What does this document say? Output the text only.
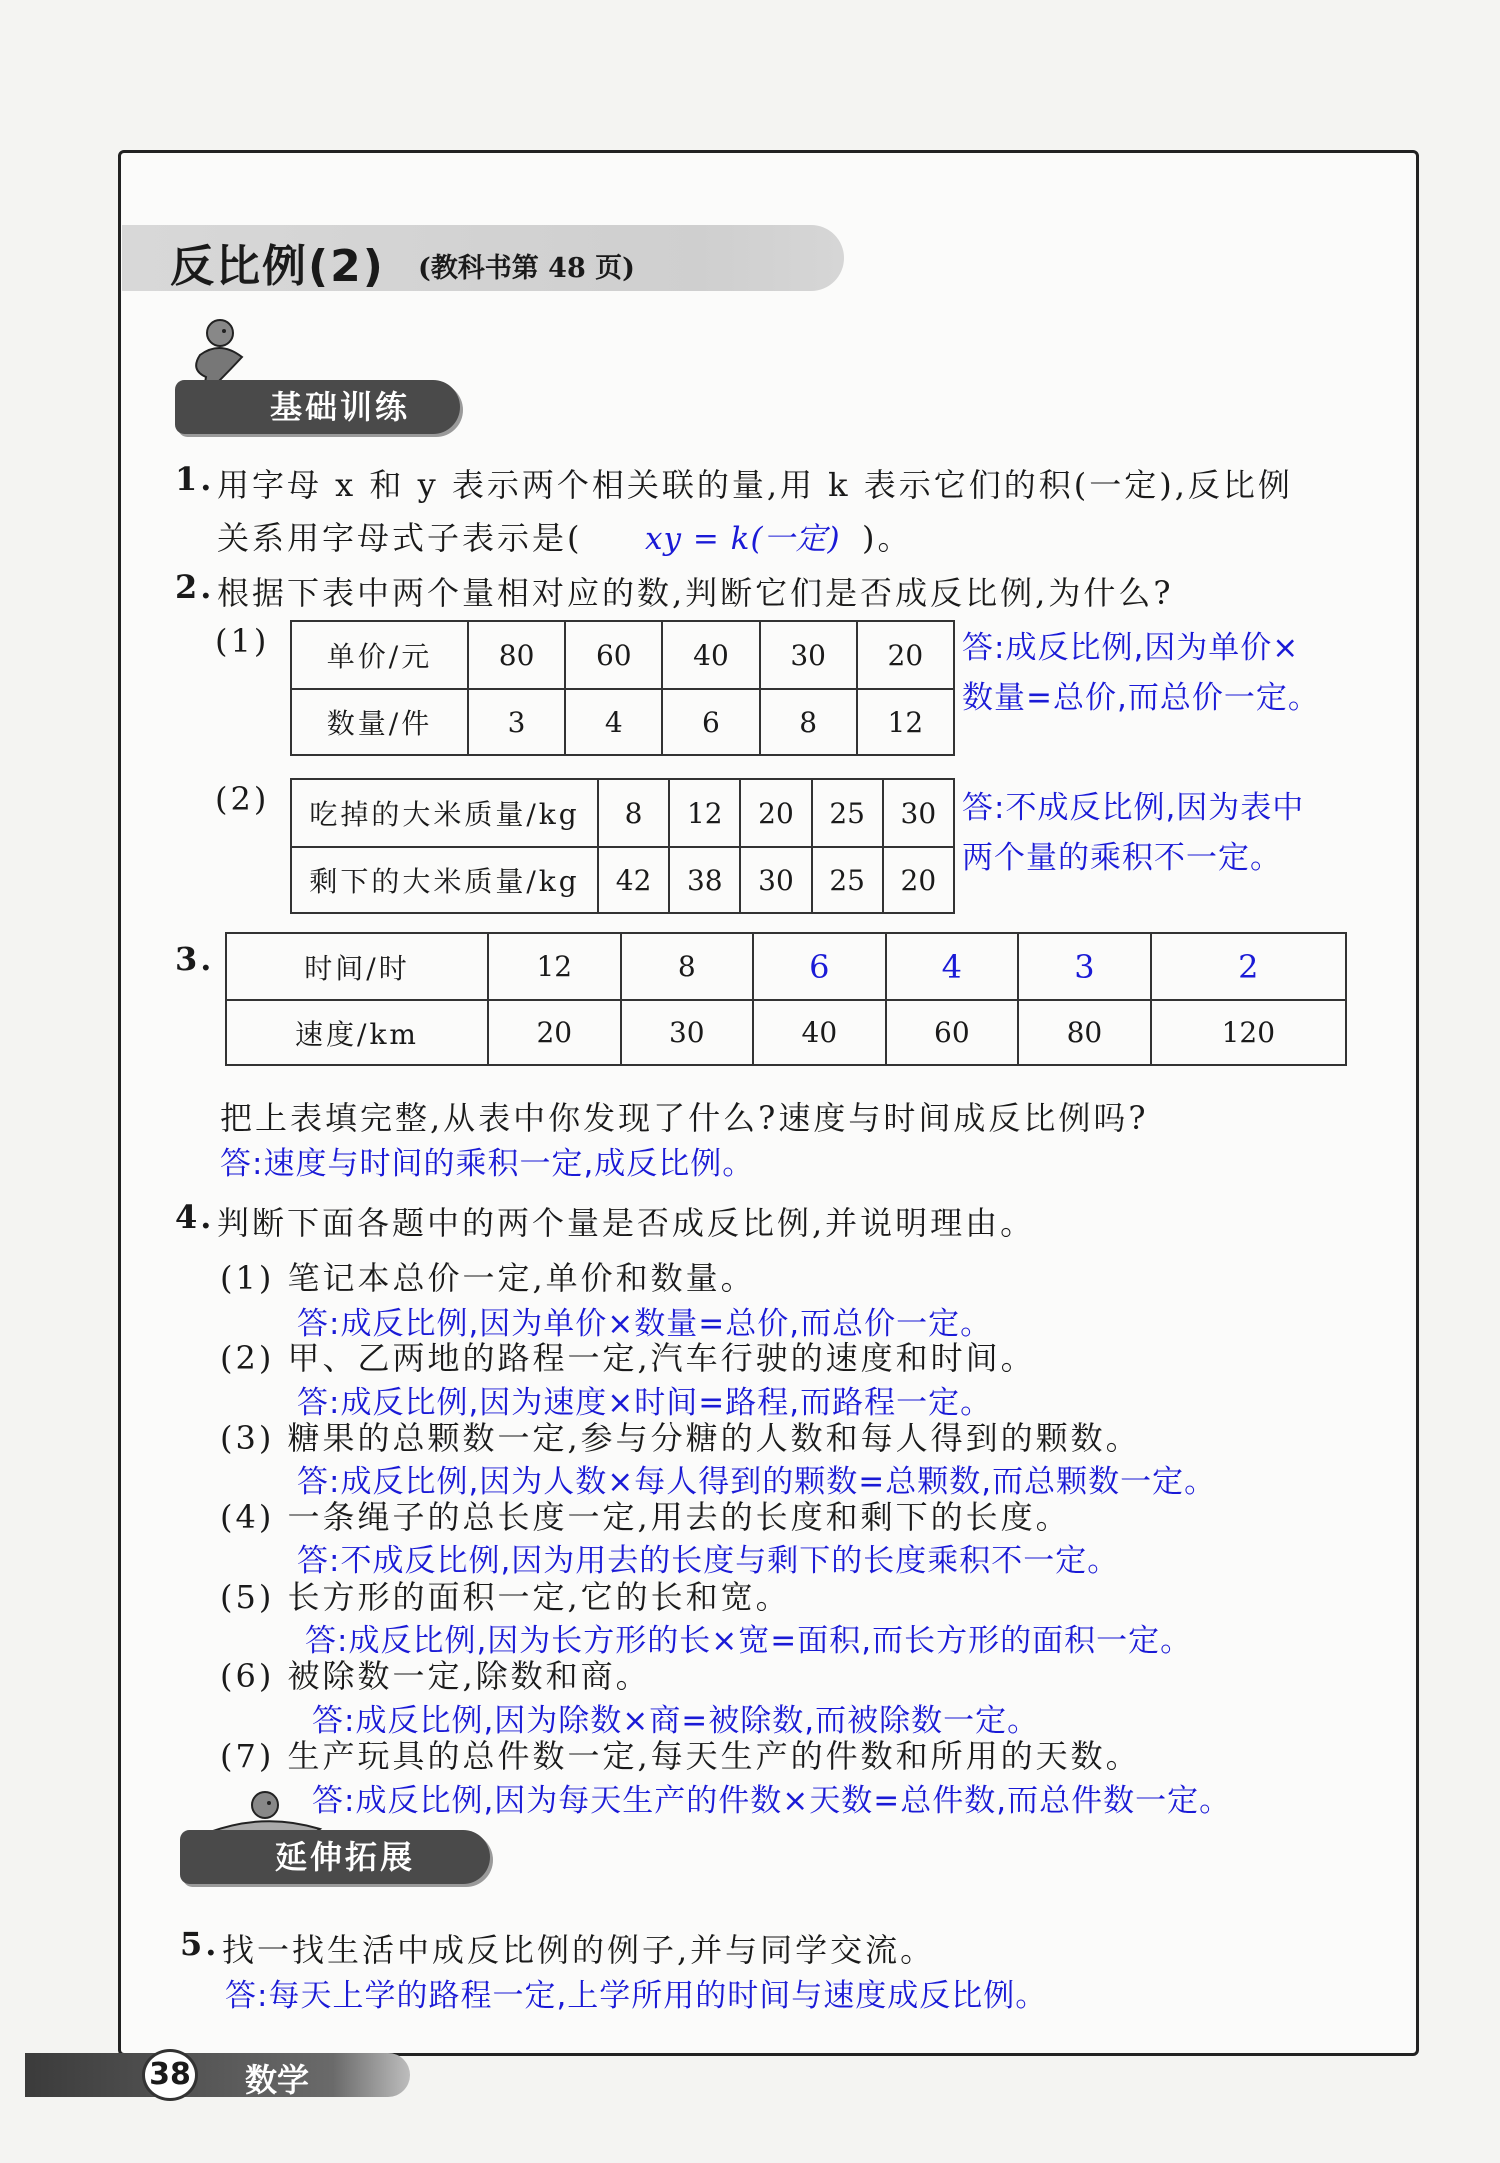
反比例(2) (教科书第 48 页)
基础训练
1. 用字母 x 和 y 表示两个相关联的量,用 k 表示它们的积(一定),反比例
关系用字母式子表示是( xy = k(一定) )。
2. 根据下表中两个量相对应的数,判断它们是否成反比例,为什么?
(1) 单价/元	80	60	40	30	20
数量/件	3	4	6	8	12
答:成反比例,因为单价×
数量=总价,而总价一定。
(2) 吃掉的大米质量/kg	8	12	20	25	30
剩下的大米质量/kg	42	38	30	25	20
答:不成反比例,因为表中
两个量的乘积不一定。
3.	时间/时	12	8	6	4	3	2
速度/km	20	30	40	60	80	120
把上表填完整,从表中你发现了什么?速度与时间成反比例吗?
答:速度与时间的乘积一定,成反比例。
4. 判断下面各题中的两个量是否成反比例,并说明理由。
(1) 笔记本总价一定,单价和数量。
答:成反比例,因为单价×数量=总价,而总价一定。
(2) 甲、乙两地的路程一定,汽车行驶的速度和时间。
答:成反比例,因为速度×时间=路程,而路程一定。
(3) 糖果的总颗数一定,参与分糖的人数和每人得到的颗数。
答:成反比例,因为人数×每人得到的颗数=总颗数,而总颗数一定。
(4) 一条绳子的总长度一定,用去的长度和剩下的长度。
答:不成反比例,因为用去的长度与剩下的长度乘积不一定。
(5) 长方形的面积一定,它的长和宽。
答:成反比例,因为长方形的长×宽=面积,而长方形的面积一定。
(6) 被除数一定,除数和商。
答:成反比例,因为除数×商=被除数,而被除数一定。
(7) 生产玩具的总件数一定,每天生产的件数和所用的天数。
答:成反比例,因为每天生产的件数×天数=总件数,而总件数一定。
延伸拓展
5. 找一找生活中成反比例的例子,并与同学交流。
答:每天上学的路程一定,上学所用的时间与速度成反比例。
38 数学
